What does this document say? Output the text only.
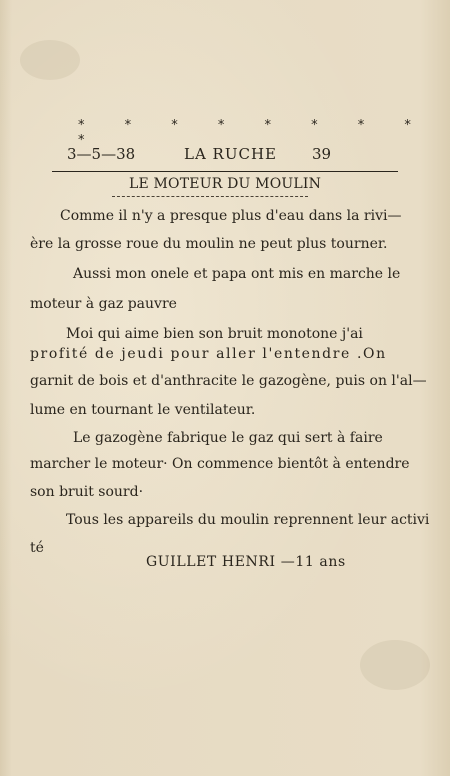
* * * * * * * * *
3—5—38	LA RUCHE 39
LE MOTEUR DU MOULIN
Comme il n'y a presque plus d'eau dans la rivi—
ère la grosse roue du moulin ne peut plus tourner.
Aussi mon onele et papa ont mis en marche le
moteur à gaz pauvre
Moi qui aime bien son bruit monotone j'ai
profité de jeudi pour aller l'entendre .On
garnit de bois et d'anthracite le gazogène, puis on l'al—
lume en tournant le ventilateur.
Le gazogène fabrique le gaz qui sert à faire
marcher le moteur· On commence bientôt à entendre
son bruit sourd·
Tous les appareils du moulin reprennent leur activi
té
GUILLET HENRI —11 ans
